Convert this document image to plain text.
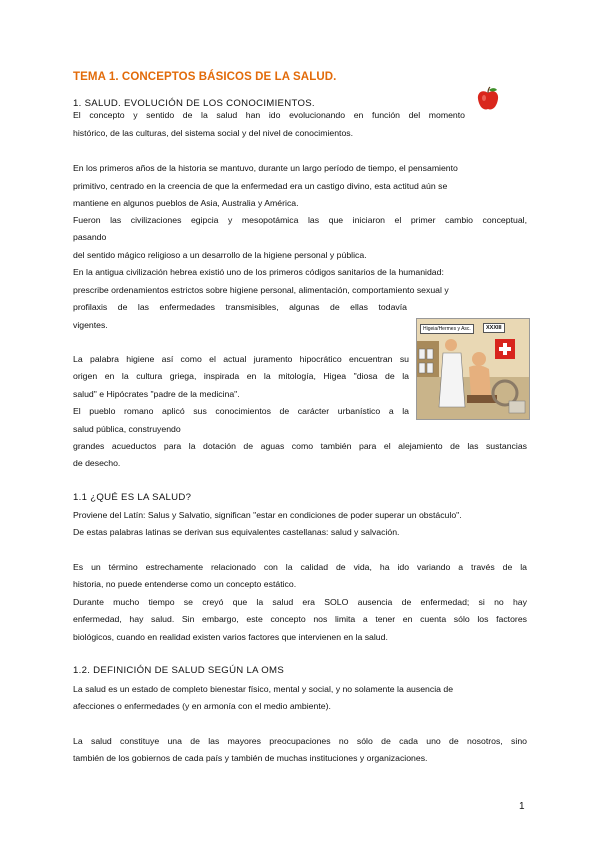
TEMA 1. CONCEPTOS BÁSICOS DE LA SALUD.
1. SALUD. EVOLUCIÓN DE LOS CONOCIMIENTOS.
El concepto y sentido de la salud han ido evolucionando en función del momento
histórico, de las culturas, del sistema social y del nivel de conocimientos.
En los primeros años de la historia se mantuvo, durante un largo período de tiempo, el pensamiento
primitivo, centrado en la creencia de que la enfermedad era un castigo divino, esta actitud aún se
mantiene en algunos pueblos de Asia, Australia y América.
Fueron las civilizaciones egipcia y mesopotámica las que iniciaron el primer cambio conceptual,
pasando
del sentido mágico religioso a un desarrollo de la higiene personal y pública.
En la antigua civilización hebrea existió uno de los primeros códigos sanitarios de la humanidad:
prescribe ordenamientos estrictos sobre higiene personal, alimentación, comportamiento sexual y
profilaxis de las enfermedades transmisibles, algunas de ellas todavía
vigentes.	Higeia/Hermes y Asc.	XXXIII
La palabra higiene así como el actual juramento hipocrático encuentran su
origen en la cultura griega, inspirada en la mitología, Higea "diosa de la
salud" e Hipócrates "padre de la medicina".
El pueblo romano aplicó sus conocimientos de carácter urbanístico a la
salud pública, construyendo
grandes acueductos para la dotación de aguas como también para el alejamiento de las sustancias
de desecho.
1.1 ¿QUÉ ES LA SALUD?
Proviene del Latín: Salus y Salvatio, significan "estar en condiciones de poder superar un obstáculo".
De estas palabras latinas se derivan sus equivalentes castellanas: salud y salvación.
Es un término estrechamente relacionado con la calidad de vida, ha ido variando a través de la
historia, no puede entenderse como un concepto estático.
Durante mucho tiempo se creyó que la salud era SOLO ausencia de enfermedad; si no hay
enfermedad, hay salud. Sin embargo, este concepto nos limita a tener en cuenta sólo los factores
biológicos, cuando en realidad existen varios factores que intervienen en la salud.
1.2. DEFINICIÓN DE SALUD SEGÚN LA OMS
La salud es un estado de completo bienestar físico, mental y social, y no solamente la ausencia de
afecciones o enfermedades (y en armonía con el medio ambiente).
La salud constituye una de las mayores preocupaciones no sólo de cada uno de nosotros, sino
también de los gobiernos de cada país y también de muchas instituciones y organizaciones.
1
